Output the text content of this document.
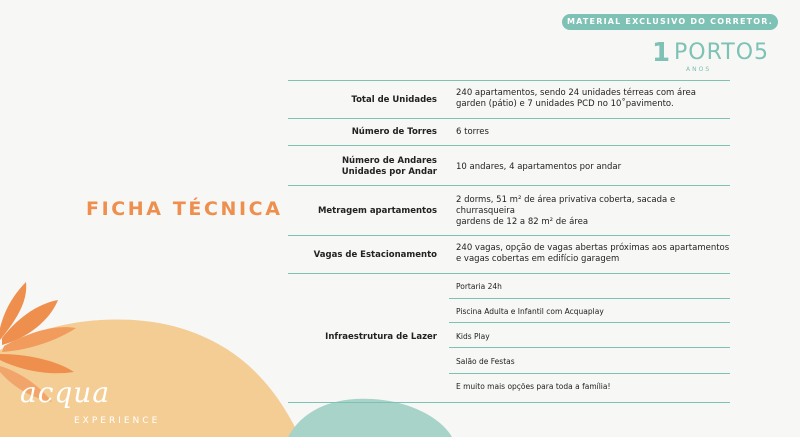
MATERIAL EXCLUSIVO DO CORRETOR.
1 PORTO5
ANOS
FICHA TÉCNICA
acqua
EXPERIENCE
Total de Unidades
240 apartamentos, sendo 24 unidades térreas com área
garden (pátio) e 7 unidades PCD no 10˚pavimento.
Número de Torres 6 torres
Número de Andares
Unidades por Andar 10 andares, 4 apartamentos por andar
Metragem apartamentos
2 dorms, 51 m² de área privativa coberta, sacada e
churrasqueira
gardens de 12 a 82 m² de área
Vagas de Estacionamento
240 vagas, opção de vagas abertas próximas aos apartamentos
e vagas cobertas em edifício garagem
Infraestrutura de Lazer
Portaria 24h
Piscina Adulta e Infantil com Acquaplay
Kids Play
Salão de Festas
E muito mais opções para toda a família!
